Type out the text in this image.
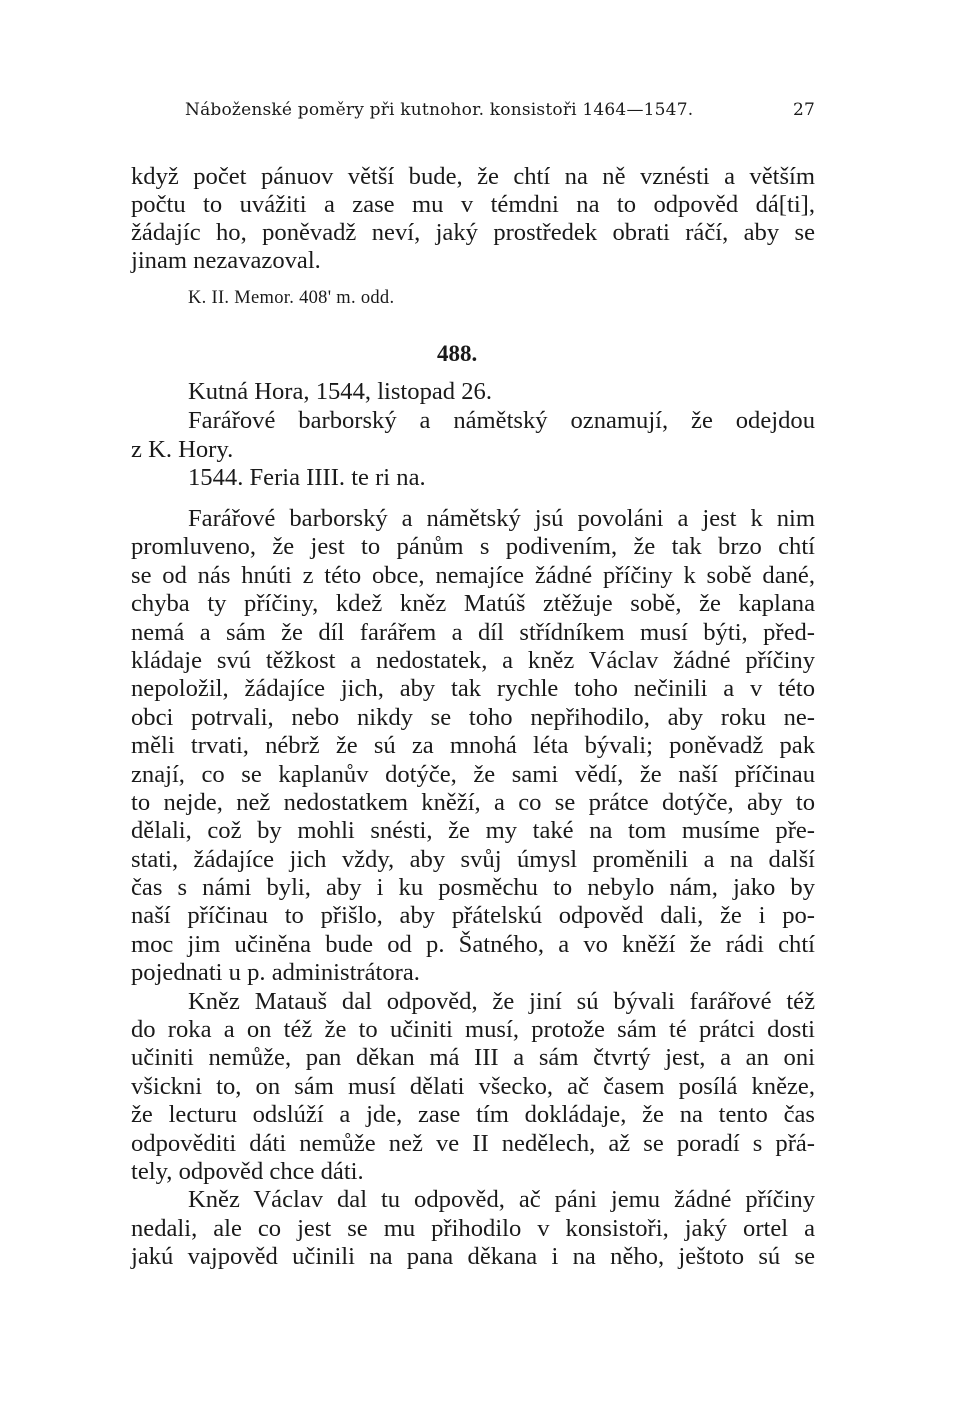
Náboženské poměry při kutnohor. konsistoři 1464—1547.	27
když počet pánuov větší bude, že chtí na ně vznésti a větším
počtu to uvážiti a zase mu v témdni na to odpověd dá[ti],
žádajíc ho, poněvadž neví, jaký prostředek obrati ráčí, aby se
jinam nezavazoval.
K. II. Memor. 408' m. odd.
488.
Kutná Hora, 1544, listopad 26.
Farářové barborský a námětský oznamují, že odejdou
z K. Hory.
1544. Feria IIII. te ri na.
Farářové barborský a námětský jsú povoláni a jest k nim
promluveno, že jest to pánům s podivením, že tak brzo chtí
se od nás hnúti z této obce, nemajíce žádné příčiny k sobě dané,
chyba ty příčiny, kdež kněz Matúš ztěžuje sobě, že kaplana
nemá a sám že díl farářem a díl střídníkem musí býti, před-
kládaje svú těžkost a nedostatek, a kněz Václav žádné příčiny
nepoložil, žádajíce jich, aby tak rychle toho nečinili a v této
obci potrvali, nebo nikdy se toho nepřihodilo, aby roku ne-
měli trvati, nébrž že sú za mnohá léta bývali; poněvadž pak
znají, co se kaplanův dotýče, že sami vědí, že naší příčinau
to nejde, než nedostatkem kněží, a co se prátce dotýče, aby to
dělali, což by mohli snésti, že my také na tom musíme pře-
stati, žádajíce jich vždy, aby svůj úmysl proměnili a na další
čas s námi byli, aby i ku posměchu to nebylo nám, jako by
naší příčinau to přišlo, aby přátelskú odpověd dali, že i po-
moc jim učiněna bude od p. Šatného, a vo kněží že rádi chtí
pojednati u p. administrátora.
Kněz Matauš dal odpověd, že jiní sú bývali farářové též
do roka a on též že to učiniti musí, protože sám té prátci dosti
učiniti nemůže, pan děkan má III a sám čtvrtý jest, a an oni
všickni to, on sám musí dělati všecko, ač časem posílá kněze,
že lecturu odslúží a jde, zase tím dokládaje, že na tento čas
odpověditi dáti nemůže než ve II nedělech, až se poradí s přá-
tely, odpověd chce dáti.
Kněz Václav dal tu odpověd, ač páni jemu žádné příčiny
nedali, ale co jest se mu přihodilo v konsistoři, jaký ortel a
jakú vajpověd učinili na pana děkana i na něho, ještoto sú se
